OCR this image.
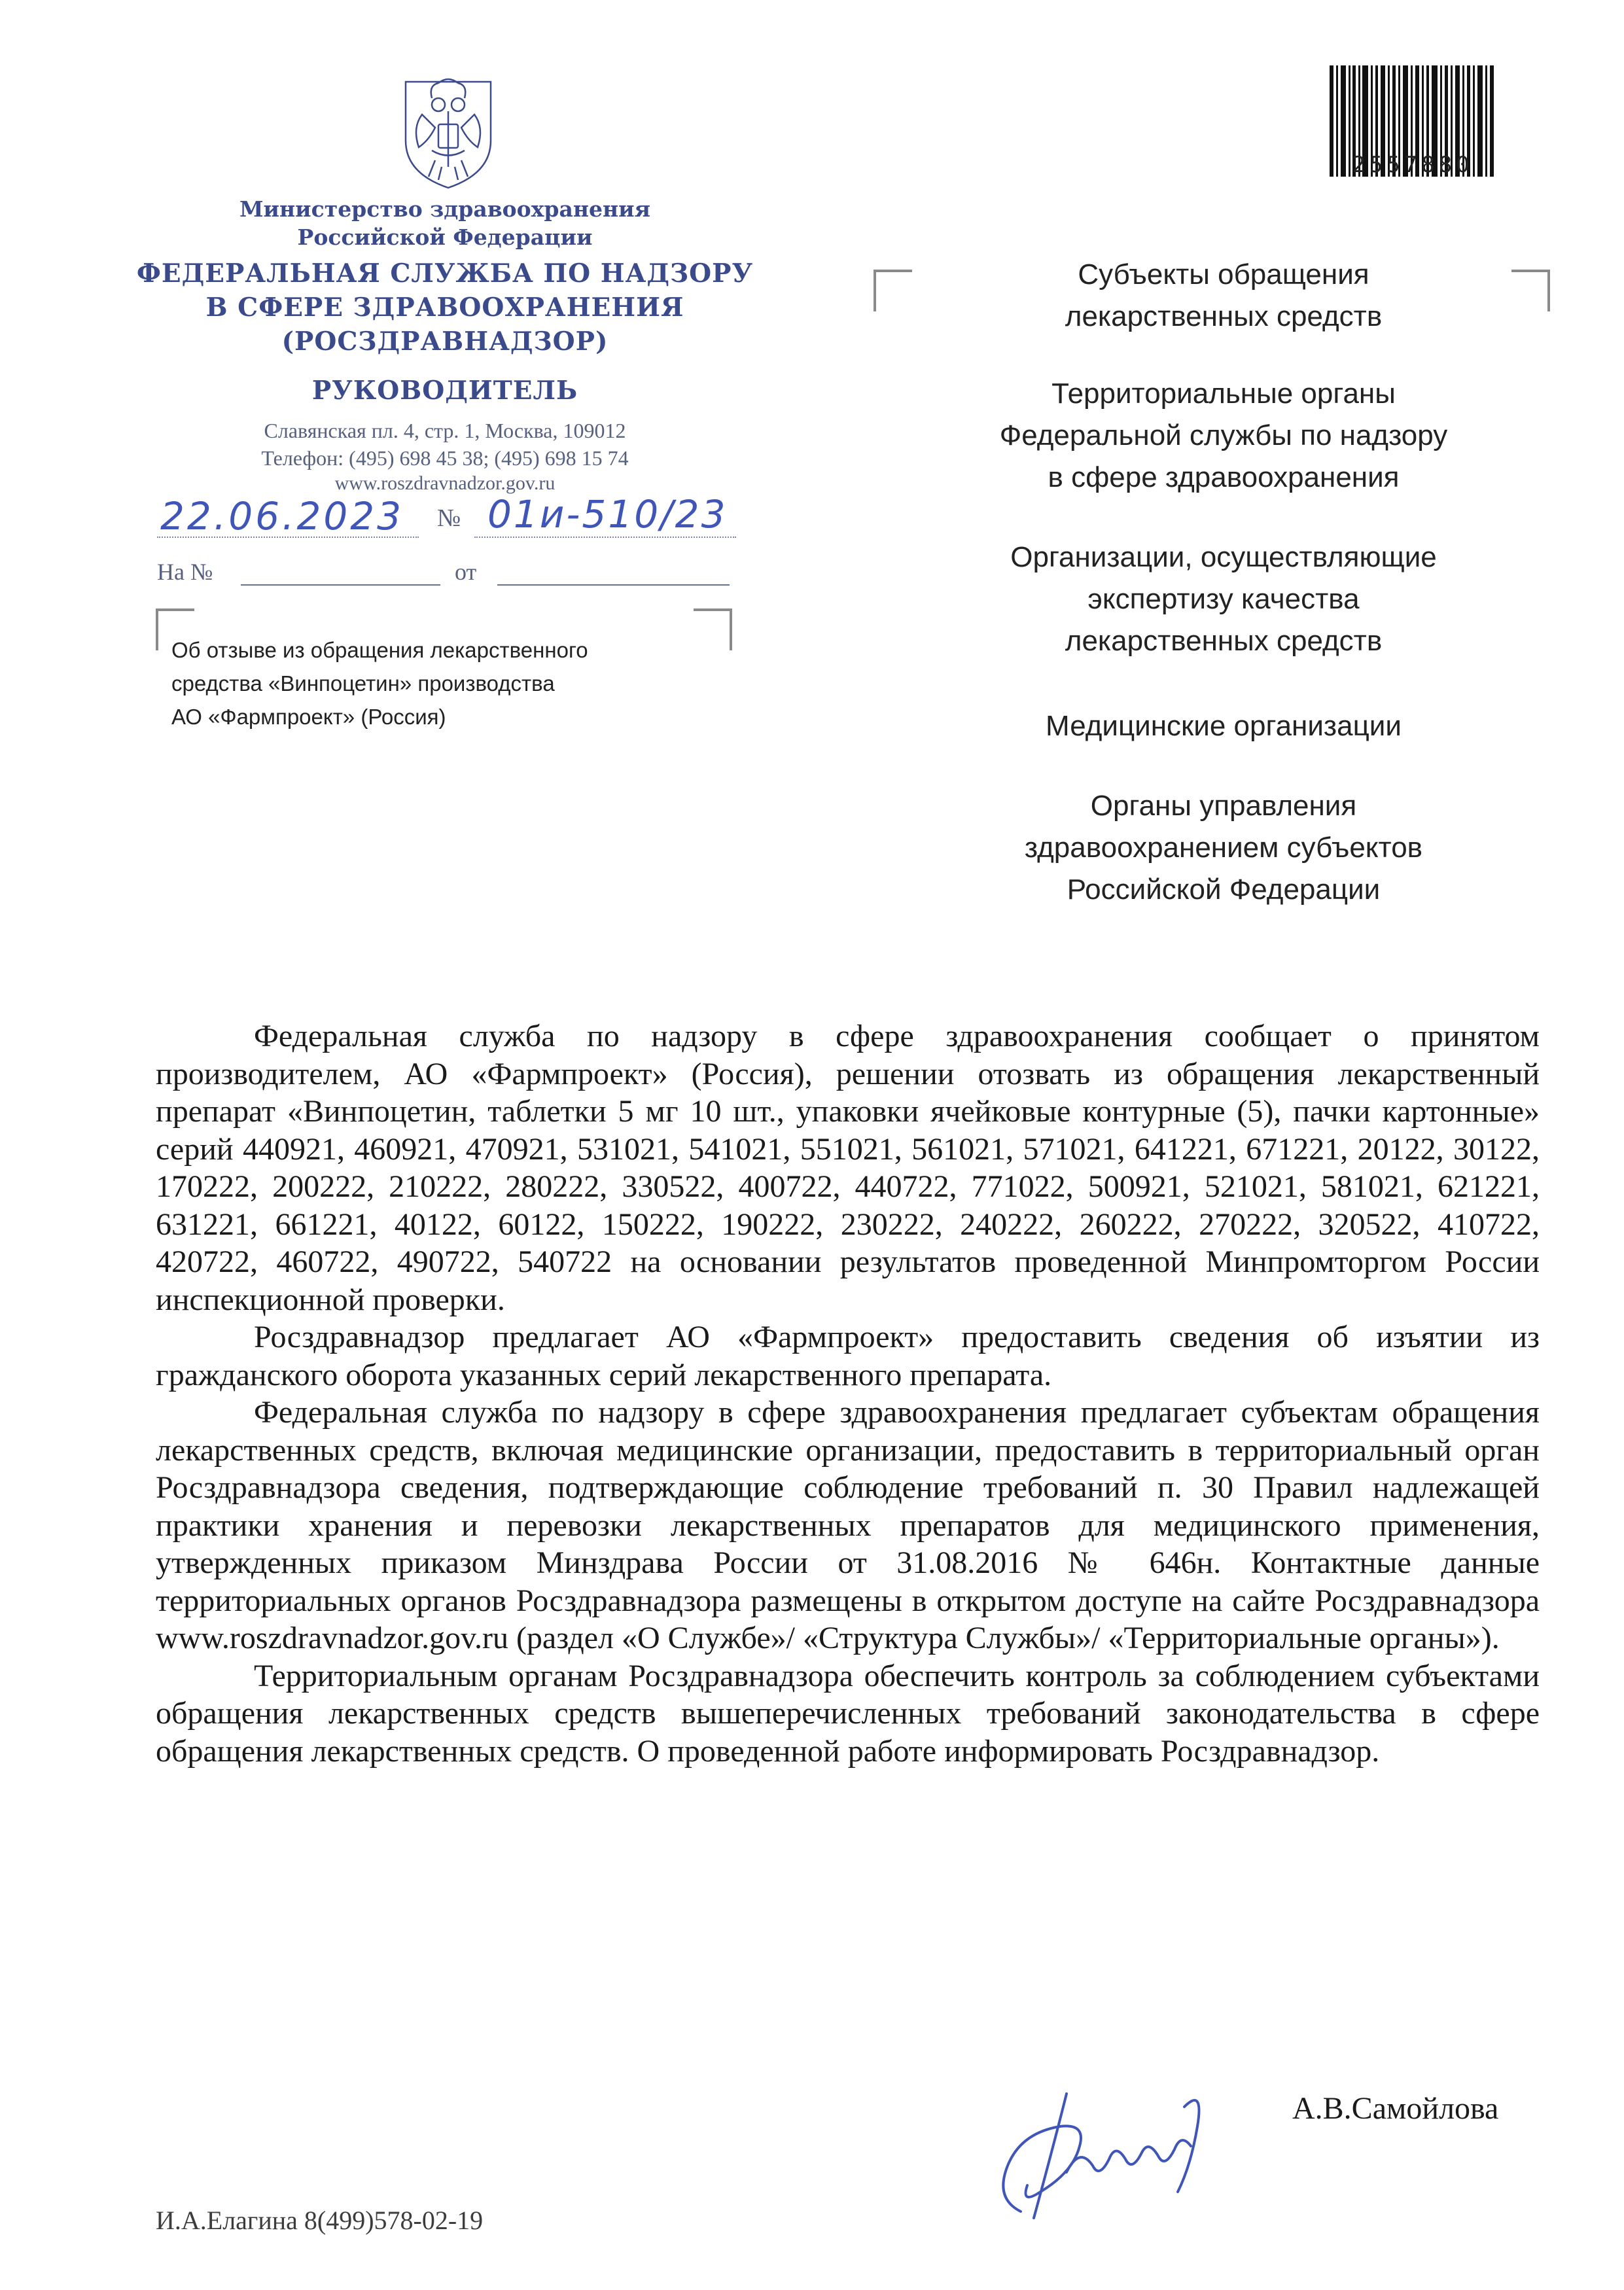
2557880
Министерство здравоохранения
Российской Федерации
ФЕДЕРАЛЬНАЯ СЛУЖБА ПО НАДЗОРУ
В СФЕРЕ ЗДРАВООХРАНЕНИЯ
(РОСЗДРАВНАДЗОР)
РУКОВОДИТЕЛЬ
Славянская пл. 4, стр. 1, Москва, 109012
Телефон: (495) 698 45 38; (495) 698 15 74
www.roszdravnadzor.gov.ru
22.06.2023 № 01и-510/23
На №	от
Об отзыве из обращения лекарственного
средства «Винпоцетин» производства
АО «Фармпроект» (Россия)
Субъекты обращения
лекарственных средств
Территориальные органы
Федеральной службы по надзору
в сфере здравоохранения
Организации, осуществляющие
экспертизу качества
лекарственных средств
Медицинские организации
Органы управления
здравоохранением субъектов
Российской Федерации

Федеральная служба по надзору в сфере здравоохранения сообщает о принятом производителем, АО «Фармпроект» (Россия), решении отозвать из обращения лекарственный препарат «Винпоцетин, таблетки 5 мг 10 шт., упаковки ячейковые контурные (5), пачки картонные» серий 440921, 460921, 470921, 531021, 541021, 551021, 561021, 571021, 641221, 671221, 20122, 30122, 170222, 200222, 210222, 280222, 330522, 400722, 440722, 771022, 500921, 521021, 581021, 621221, 631221, 661221, 40122, 60122, 150222, 190222, 230222, 240222, 260222, 270222, 320522, 410722, 420722, 460722, 490722, 540722 на основании результатов проведенной Минпромторгом России инспекционной проверки.

Росздравнадзор предлагает АО «Фармпроект» предоставить сведения об изъятии из гражданского оборота указанных серий лекарственного препарата.

Федеральная служба по надзору в сфере здравоохранения предлагает субъектам обращения лекарственных средств, включая медицинские организации, предоставить в территориальный орган Росздравнадзора сведения, подтверждающие соблюдение требований п. 30 Правил надлежащей практики хранения и перевозки лекарственных препаратов для медицинского применения, утвержденных приказом Минздрава России от 31.08.2016 № 646н. Контактные данные территориальных органов Росздравнадзора размещены в открытом доступе на сайте Росздравнадзора www.roszdravnadzor.gov.ru (раздел «О Службе»/ «Структура Службы»/ «Территориальные органы»).

Территориальным органам Росздравнадзора обеспечить контроль за соблюдением субъектами обращения лекарственных средств вышеперечисленных требований законодательства в сфере обращения лекарственных средств. О проведенной работе информировать Росздравнадзор.

А.В.Самойлова
И.А.Елагина 8(499)578-02-19
